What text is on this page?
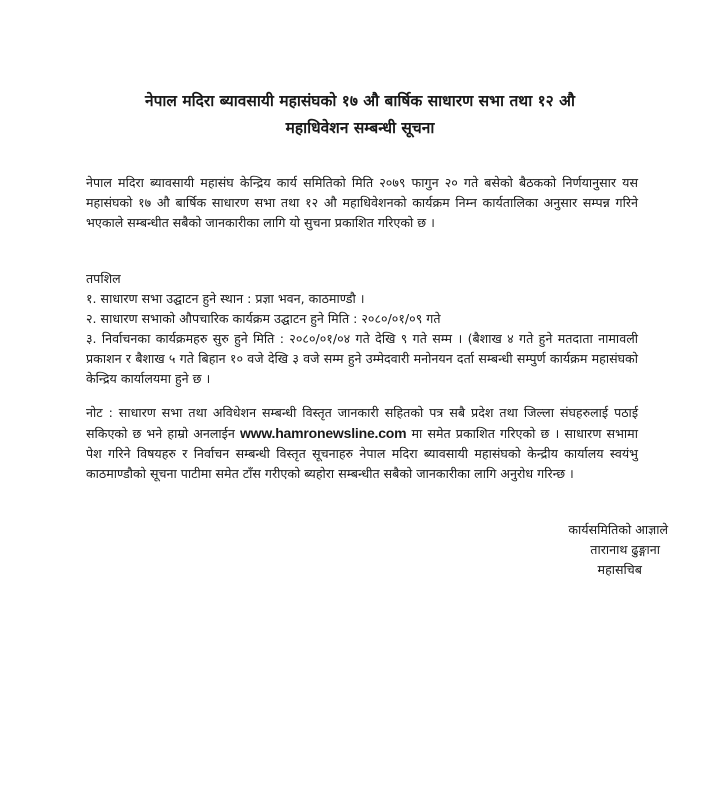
नेपाल मदिरा ब्यावसायी महासंघको १७ औ बार्षिक साधारण सभा तथा १२ औ
महाधिवेशन सम्बन्धी सूचना
नेपाल मदिरा ब्यावसायी महासंघ केन्द्रिय कार्य समितिको मिति २०७९ फागुन २० गते बसेको बैठकको निर्णयानुसार यस महासंघको १७ औ बार्षिक साधारण सभा तथा १२ औ महाधिवेशनको कार्यक्रम निम्न कार्यतालिका अनुसार सम्पन्न गरिने भएकाले सम्बन्धीत सबैको जानकारीका लागि यो सुचना प्रकाशित गरिएको छ ।
तपशिल
१. साधारण सभा उद्घाटन हुने स्थान : प्रज्ञा भवन, काठमाण्डौ ।
२. साधारण सभाको औपचारिक कार्यक्रम उद्घाटन हुने मिति : २०८०/०१/०९ गते
३. निर्वाचनका कार्यक्रमहरु सुरु हुने मिति : २०८०/०१/०४ गते देखि ९ गते सम्म । (बैशाख ४ गते हुने मतदाता नामावली प्रकाशन र बैशाख ५ गते बिहान १० वजे देखि ३ वजे सम्म हुने उम्मेदवारी मनोनयन दर्ता सम्बन्धी सम्पुर्ण कार्यक्रम महासंघको केन्द्रिय कार्यालयमा हुने छ ।
नोट : साधारण सभा तथा अविधेशन सम्बन्धी विस्तृत जानकारी सहितको पत्र सबै प्रदेश तथा जिल्ला संघहरुलाई पठाई सकिएको छ भने हाम्रो अनलाईन www.hamronewsline.com मा समेत प्रकाशित गरिएको छ । साधारण सभामा पेश गरिने विषयहरु र निर्वाचन सम्बन्धी विस्तृत सूचनाहरु नेपाल मदिरा ब्यावसायी महासंघको केन्द्रीय कार्यालय स्वयंभु काठमाण्डौको सूचना पाटीमा समेत टाँस गरीएको ब्यहोरा सम्बन्धीत सबैको जानकारीका लागि अनुरोध गरिन्छ ।
कार्यसमितिको आज्ञाले
तारानाथ ढुङ्गाना
महासचिब
